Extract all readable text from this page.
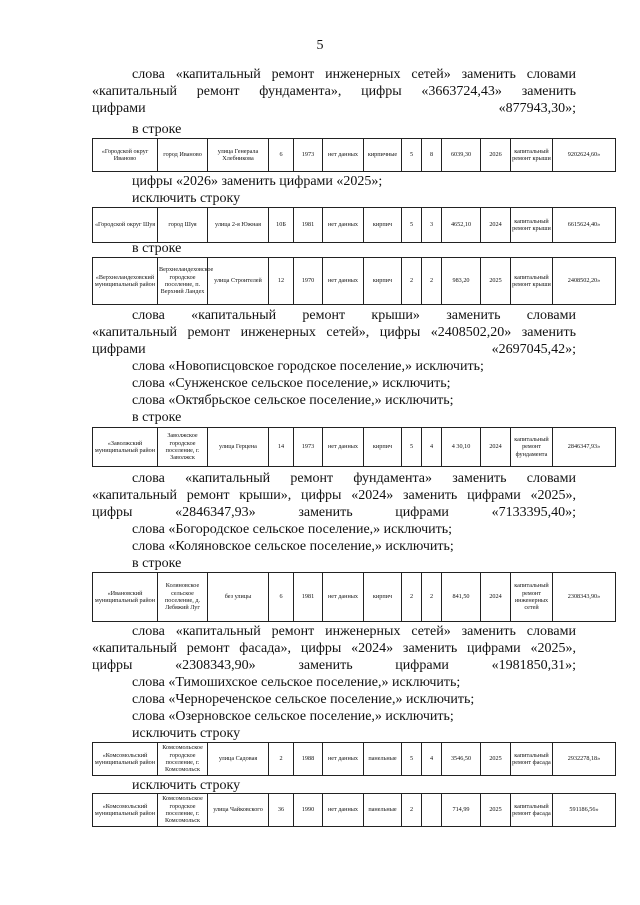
5
слова «капитальный ремонт инженерных сетей» заменить словами
«капитальный ремонт фундамента», цифры «3663724,43» заменить
цифрами «877943,30»;
в строке
«Городской округ Иваново	город Иваново	улица Генерала Хлебникова	6	1973	нет данных	кирпичные	5	8	6039,30	2026	капитальный ремонт крыши	9202624,60»
цифры «2026» заменить цифрами «2025»;
исключить строку
«Городской округ Шуя	город Шуя	улица 2-я Южная	10Б	1981	нет данных	кирпич	5	3	4652,10	2024	капитальный ремонт крыши	6615624,40»
в строке
«Верхнеландеховский муниципальный район	Верхнеландеховское городское поселение, п. Верхний Ландех	улица Строителей	12	1970	нет данных	кирпич	2	2	983,20	2025	капитальный ремонт крыши	2408502,20»
слова «капитальный ремонт крыши» заменить словами
«капитальный ремонт инженерных сетей», цифры «2408502,20» заменить
цифрами «2697045,42»;
слова «Новописцовское городское поселение,» исключить;
слова «Сунженское сельское поселение,» исключить;
слова «Октябрьское сельское поселение,» исключить;
в строке
«Заволжский муниципальный район	Заволжское городское поселение, г. Заволжск	улица Герцена	14	1973	нет данных	кирпич	5	4	4 30,10	2024	капитальный ремонт фундамента	2846347,93»
слова «капитальный ремонт фундамента» заменить словами
«капитальный ремонт крыши», цифры «2024» заменить цифрами «2025»,
цифры «2846347,93» заменить цифрами «7133395,40»;
слова «Богородское сельское поселение,» исключить;
слова «Коляновское сельское поселение,» исключить;
в строке
«Ивановский муниципальный район	Коляновское сельское поселение, д. Лебяжий Луг	без улицы	6	1981	нет данных	кирпич	2	2	841,50	2024	капитальный ремонт инженерных сетей	2308343,90»
слова «капитальный ремонт инженерных сетей» заменить словами
«капитальный ремонт фасада», цифры «2024» заменить цифрами «2025»,
цифры «2308343,90» заменить цифрами «1981850,31»;
слова «Тимошихское сельское поселение,» исключить;
слова «Чернореченское сельское поселение,» исключить;
слова «Озерновское сельское поселение,» исключить;
исключить строку
«Комсомольский муниципальный район	Комсомольское городское поселение, г. Комсомольск	улица Садовая	2	1988	нет данных	панельные	5	4	3546,50	2025	капитальный ремонт фасада	2932278,18»
исключить строку
«Комсомольский муниципальный район	Комсомольское городское поселение, г. Комсомольск	улица Чайковского	36	1990	нет данных	панельные	2		714,99	2025	капитальный ремонт фасада	591186,56»
